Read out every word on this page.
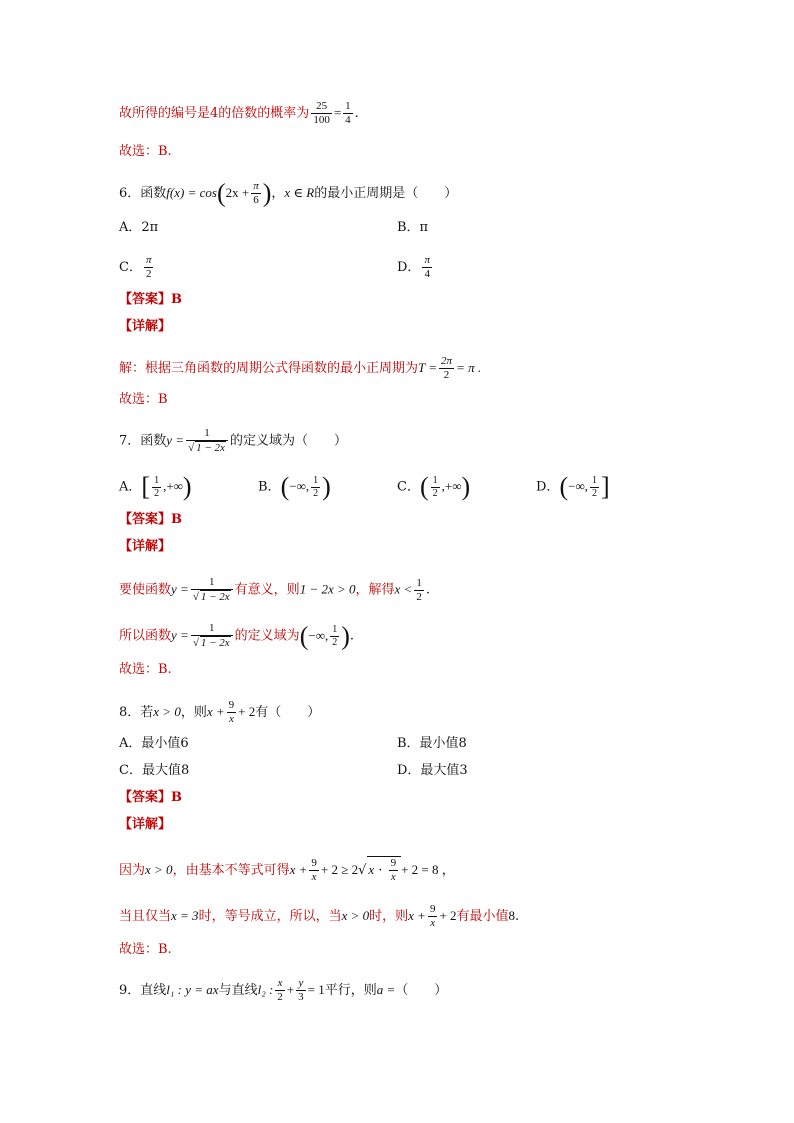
故所得的编号是4的倍数的概率为 $\frac{25}{100} = \frac{1}{4}$ .
故选：B.
6．函数$f(x) = \cos(2x + \frac{\pi}{6}$ )，x ∈ R的最小正周期是（　　）
A．2π	B．π
C． $\frac{\pi}{2}$	D． $\frac{\pi}{4}$
【答案】B
【详解】
解：根据三角函数的周期公式得函数的最小正周期为$T = \frac{2\pi}{2} = \pi$ .
故选：B
7．函数$y = \frac{1}{√ 1 - 2x}$ 的定义域为（　　）
A．[ $\frac{1}{2}$ ,+∞)	B．(−∞, $\frac{1}{2}$ )	C．( $\frac{1}{2}$ ,+∞)	D．(−∞, $\frac{1}{2}$ ]
【答案】B
【详解】
要使函数$y = \frac{1}{√ 1 - 2x}$ 有意义，则1 − 2x > 0，解得$x < \frac{1}{2}$ .
所以函数$y = \frac{1}{√ 1 - 2x}$ 的定义域为(−∞, $\frac{1}{2}$ ).
故选：B.
8．若x > 0，则$x + \frac{9}{x} + 2$有（　　）
A．最小值6	B．最小值8
C．最大值8	D．最大值3
【答案】B
【详解】
因为x > 0，由基本不等式可得$x + \frac{9}{x} + 2 \ge 2√$ $x \cdot \frac{9}{x} + 2 = 8$ ，
当且仅当x = 3时，等号成立，所以，当x > 0时，则$x + \frac{9}{x} + 2$有最小值8.
故选：B.
9．直线l₁ : y = ax与直线l₂ : $\frac{x}{2} + \frac{y}{3} = 1$平行，则a =（　　）
